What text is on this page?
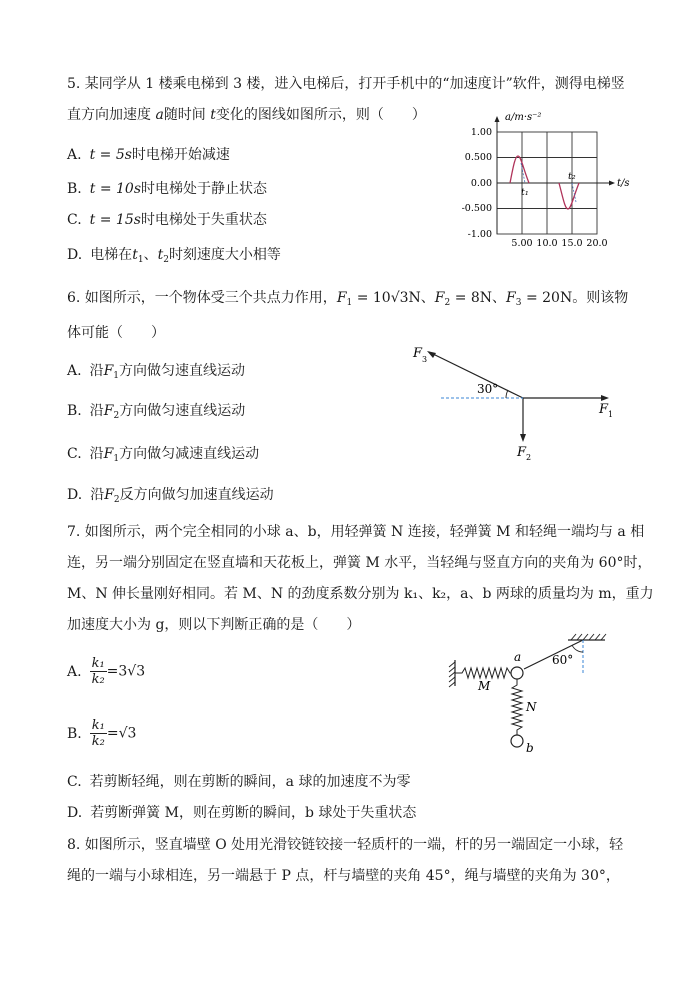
5. 某同学从 1 楼乘电梯到 3 楼，进入电梯后，打开手机中的“加速度计”软件，测得电梯竖
直方向加速度 a随时间 t变化的图线如图所示，则（　　）
A. t = 5s时电梯开始减速
B. t = 10s时电梯处于静止状态
C. t = 15s时电梯处于失重状态
D. 电梯在$t_1$、$t_2$时刻速度大小相等
a/m·s⁻²
t/s
1.00
0.500
0.00
-0.500
-1.00
5.00 10.0 15.0 20.0
t₁
t₂
6. 如图所示，一个物体受三个共点力作用，$F_1 = 10√3N$、$F_2 = 8N$、$F_3 = 20N$。则该物
体可能（　　）
A. 沿$F_1$方向做匀速直线运动
B. 沿$F_2$方向做匀速直线运动
C. 沿$F_1$方向做匀减速直线运动
D. 沿$F_2$反方向做匀加速直线运动
30°
F 3
F 1
F 2
7. 如图所示，两个完全相同的小球 a、b，用轻弹簧 N 连接，轻弹簧 M 和轻绳一端均与 a 相
连，另一端分别固定在竖直墙和天花板上，弹簧 M 水平，当轻绳与竖直方向的夹角为 60°时，
M、N 伸长量刚好相同。若 M、N 的劲度系数分别为 k₁、k₂，a、b 两球的质量均为 m，重力
加速度大小为 g，则以下判断正确的是（　　）
A. $\frac{\text{k₁}}{\text{k₂}} =3√3$
B. $\frac{\text{k₁}}{\text{k₂}} =√3$
C. 若剪断轻绳，则在剪断的瞬间，a 球的加速度不为零
D. 若剪断弹簧 M，则在剪断的瞬间，b 球处于失重状态
60°
a
M
N
b
8. 如图所示，竖直墙壁 O 处用光滑铰链铰接一轻质杆的一端，杆的另一端固定一小球，轻
绳的一端与小球相连，另一端悬于 P 点，杆与墙壁的夹角 45°，绳与墙壁的夹角为 30°，
